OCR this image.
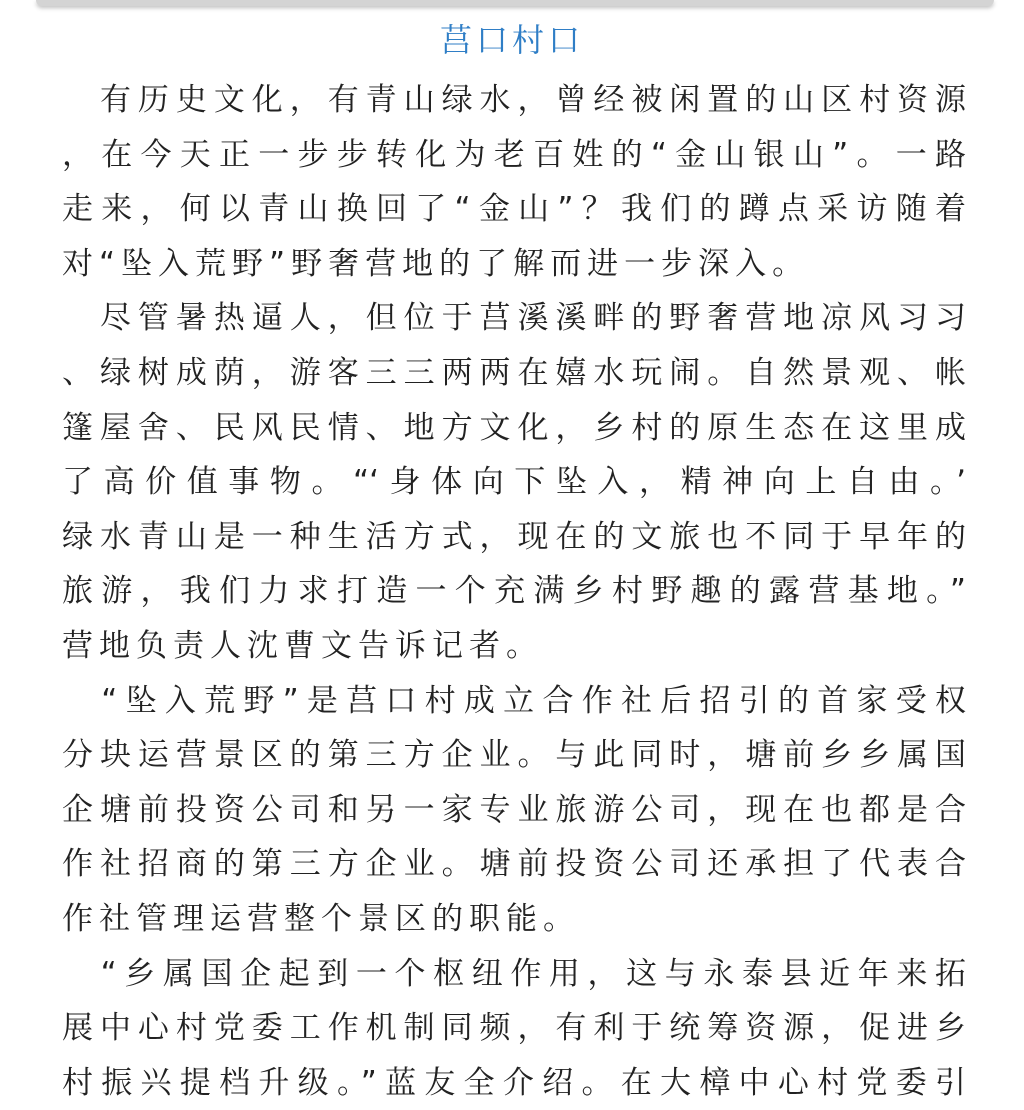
莒口村口
　有历史文化，有青山绿水，曾经被闲置的山区村资源
，在今天正一步步转化为老百姓的“金山银山”。一路
走来，何以青山换回了“金山”？我们的蹲点采访随着
对“坠入荒野”野奢营地的了解而进一步深入。
　尽管暑热逼人，但位于莒溪溪畔的野奢营地凉风习习
、绿树成荫，游客三三两两在嬉水玩闹。自然景观、帐
篷屋舍、民风民情、地方文化，乡村的原生态在这里成
了高价值事物。“‘身体向下坠入，精神向上自由。’
绿水青山是一种生活方式，现在的文旅也不同于早年的
旅游，我们力求打造一个充满乡村野趣的露营基地。”
营地负责人沈曹文告诉记者。
　“坠入荒野”是莒口村成立合作社后招引的首家受权
分块运营景区的第三方企业。与此同时，塘前乡乡属国
企塘前投资公司和另一家专业旅游公司，现在也都是合
作社招商的第三方企业。塘前投资公司还承担了代表合
作社管理运营整个景区的职能。
　“乡属国企起到一个枢纽作用，这与永泰县近年来拓
展中心村党委工作机制同频，有利于统筹资源，促进乡
村振兴提档升级。”蓝友全介绍。在大樟中心村党委引
